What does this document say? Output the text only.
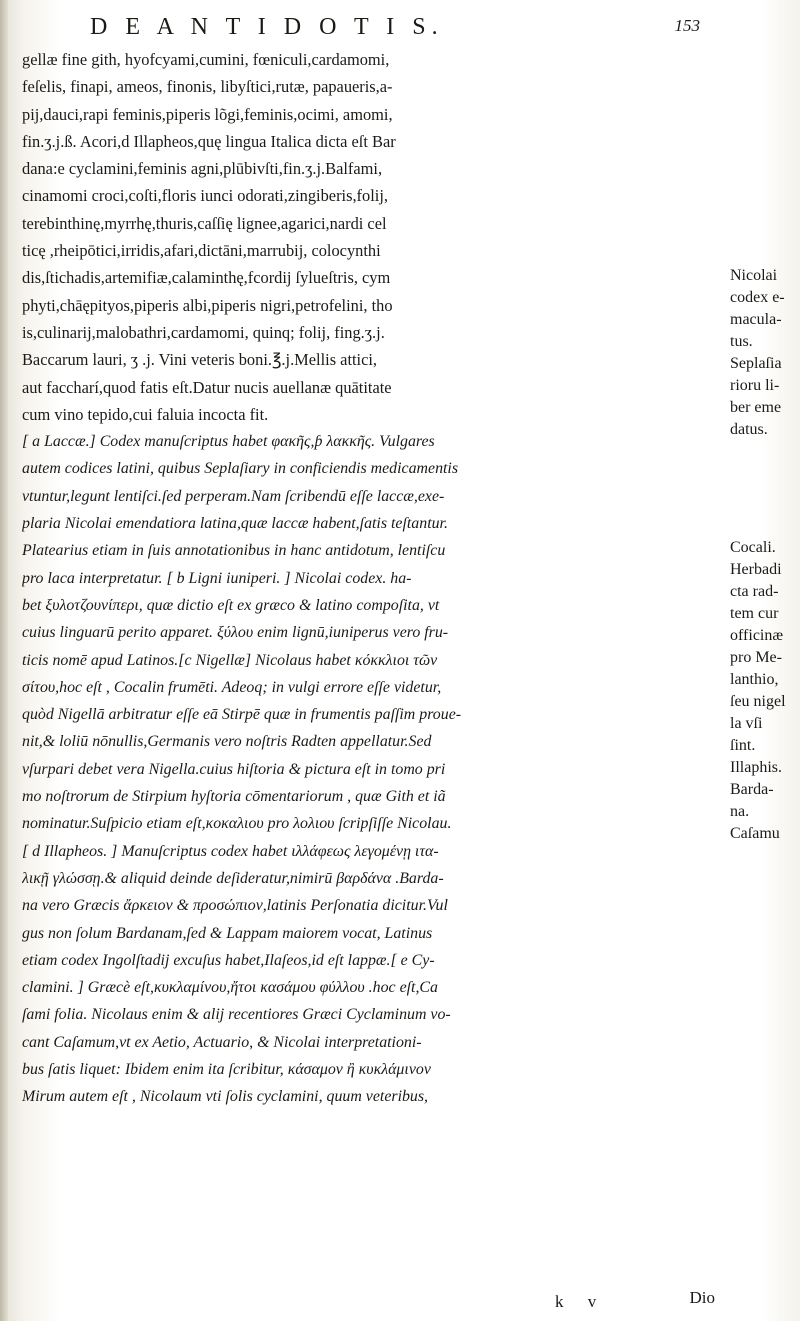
D E A N T I D O T I S.	153
gellæ fine gith, hyofcyami,cumini, fœniculi,cardamomi,
feſelis, finapi, ameos, finonis, libyſtici,rutæ, papaueris,a-
pij,dauci,rapi feminis,piperis lõgi,feminis,ocimi, amomi,
fin.ʒ.j.ß. Acori,d Illapheos,quę lingua Italica dicta eſt Bar
dana:e cyclamini,feminis agni,plūbivſti,fin.ʒ.j.Balfami,
cinamomi croci,coſti,floris iunci odorati,zingiberis,folij,
terebinthinę,myrrhę,thuris,caſſię lignee,agarici,nardi cel
ticę ,rheipōtici,irridis,afari,dictāni,marrubij, colocynthi
dis,ſtichadis,artemifiæ,calaminthę,fcordij ſylueſtris, cym
phyti,chāępityos,piperis albi,piperis nigri,petrofelini, tho
is,culinarij,malobathri,cardamomi, quinq; folij, fing.ʒ.j.
Baccarum lauri, ʒ .j. Vini veteris boni.℥.j.Mellis attici,
aut faccharí,quod fatis eſt.Datur nucis auellanæ quātitate
cum vino tepido,cui faluia incocta fit.
[ a Laccæ.] Codex manuſcriptus habet φακῆς,ƥ λακκῆς. Vulgares
autem codices latini, quibus Seplaſiary in conficiendis medicamentis
vtuntur,legunt lentiſci.ſed perperam.Nam ſcribendū eſſe laccæ,exe-
plaria Nicolai emendatiora latina,quæ laccæ habent,ſatis teſtantur.
Platearius etiam in ſuis annotationibus in hanc antidotum, lentiſcu
pro laca interpretatur. [ b Ligni iuniperi. ] Nicolai codex. ha-
bet ξυλοτζουνίπερι, quæ dictio eſt ex græco & latino compoſita, vt
cuius linguarū perito apparet. ξύλου enim lignū,iuniperus vero fru-
ticis nomē apud Latinos.[c Nigellæ] Nicolaus habet κόκκλιοι τῶν
σίτου,hoc eſt , Cocalin frumēti. Adeoq; in vulgi errore eſſe videtur,
quòd Nigellā arbitratur eſſe eā Stirpē quæ in frumentis paſſim proue-
nit,& loliū nōnullis,Germanis vero noſtris Radten appellatur.Sed
vſurpari debet vera Nigella.cuius hiſtoria & pictura eſt in tomo pri
mo noſtrorum de Stirpium hyſtoria cōmentariorum , quæ Gith et iã
nominatur.Suſpicio etiam eſt,κοκαλιου pro λολιου ſcripſiſſe Nicolau.
[ d Illapheos. ] Manuſcriptus codex habet ιλλάφεως λεγομένῃ ιτα-
λικῇ γλώσσῃ.& aliquid deinde deſideratur,nimirū βαρδάνα .Barda-
na vero Græcis ἄρκειον & προσώπιον,latinis Perſonatia dicitur.Vul
gus non ſolum Bardanam,ſed & Lappam maiorem vocat, Latinus
etiam codex Ingolſtadij excuſus habet,Ilaſeos,id eſt lappæ.[ e Cy-
clamini. ] Græcè eſt,κυκλαμίνου,ἤτοι κασάμου φύλλου .hoc eſt,Ca
ſami folia. Nicolaus enim & alij recentiores Græci Cyclaminum vo-
cant Caſamum,vt ex Aetio, Actuario, & Nicolai interpretationi-
bus ſatis liquet: Ibidem enim ita ſcribitur, κάσαμον ἢ κυκλάμινον
Mirum autem eſt , Nicolaum vti ſolis cyclamini, quum veteribus,
Nicolai
codex e-
macula-
tus.
Seplaſia
rioru li-
ber eme
datus.
Cocali.
Herbadi
cta rad-
tem cur
officinæ
pro Me-
lanthio,
ſeu nigel
la vſi
ſint.
Illaphis.
Barda-
na.
Caſamu
k v	Dio
